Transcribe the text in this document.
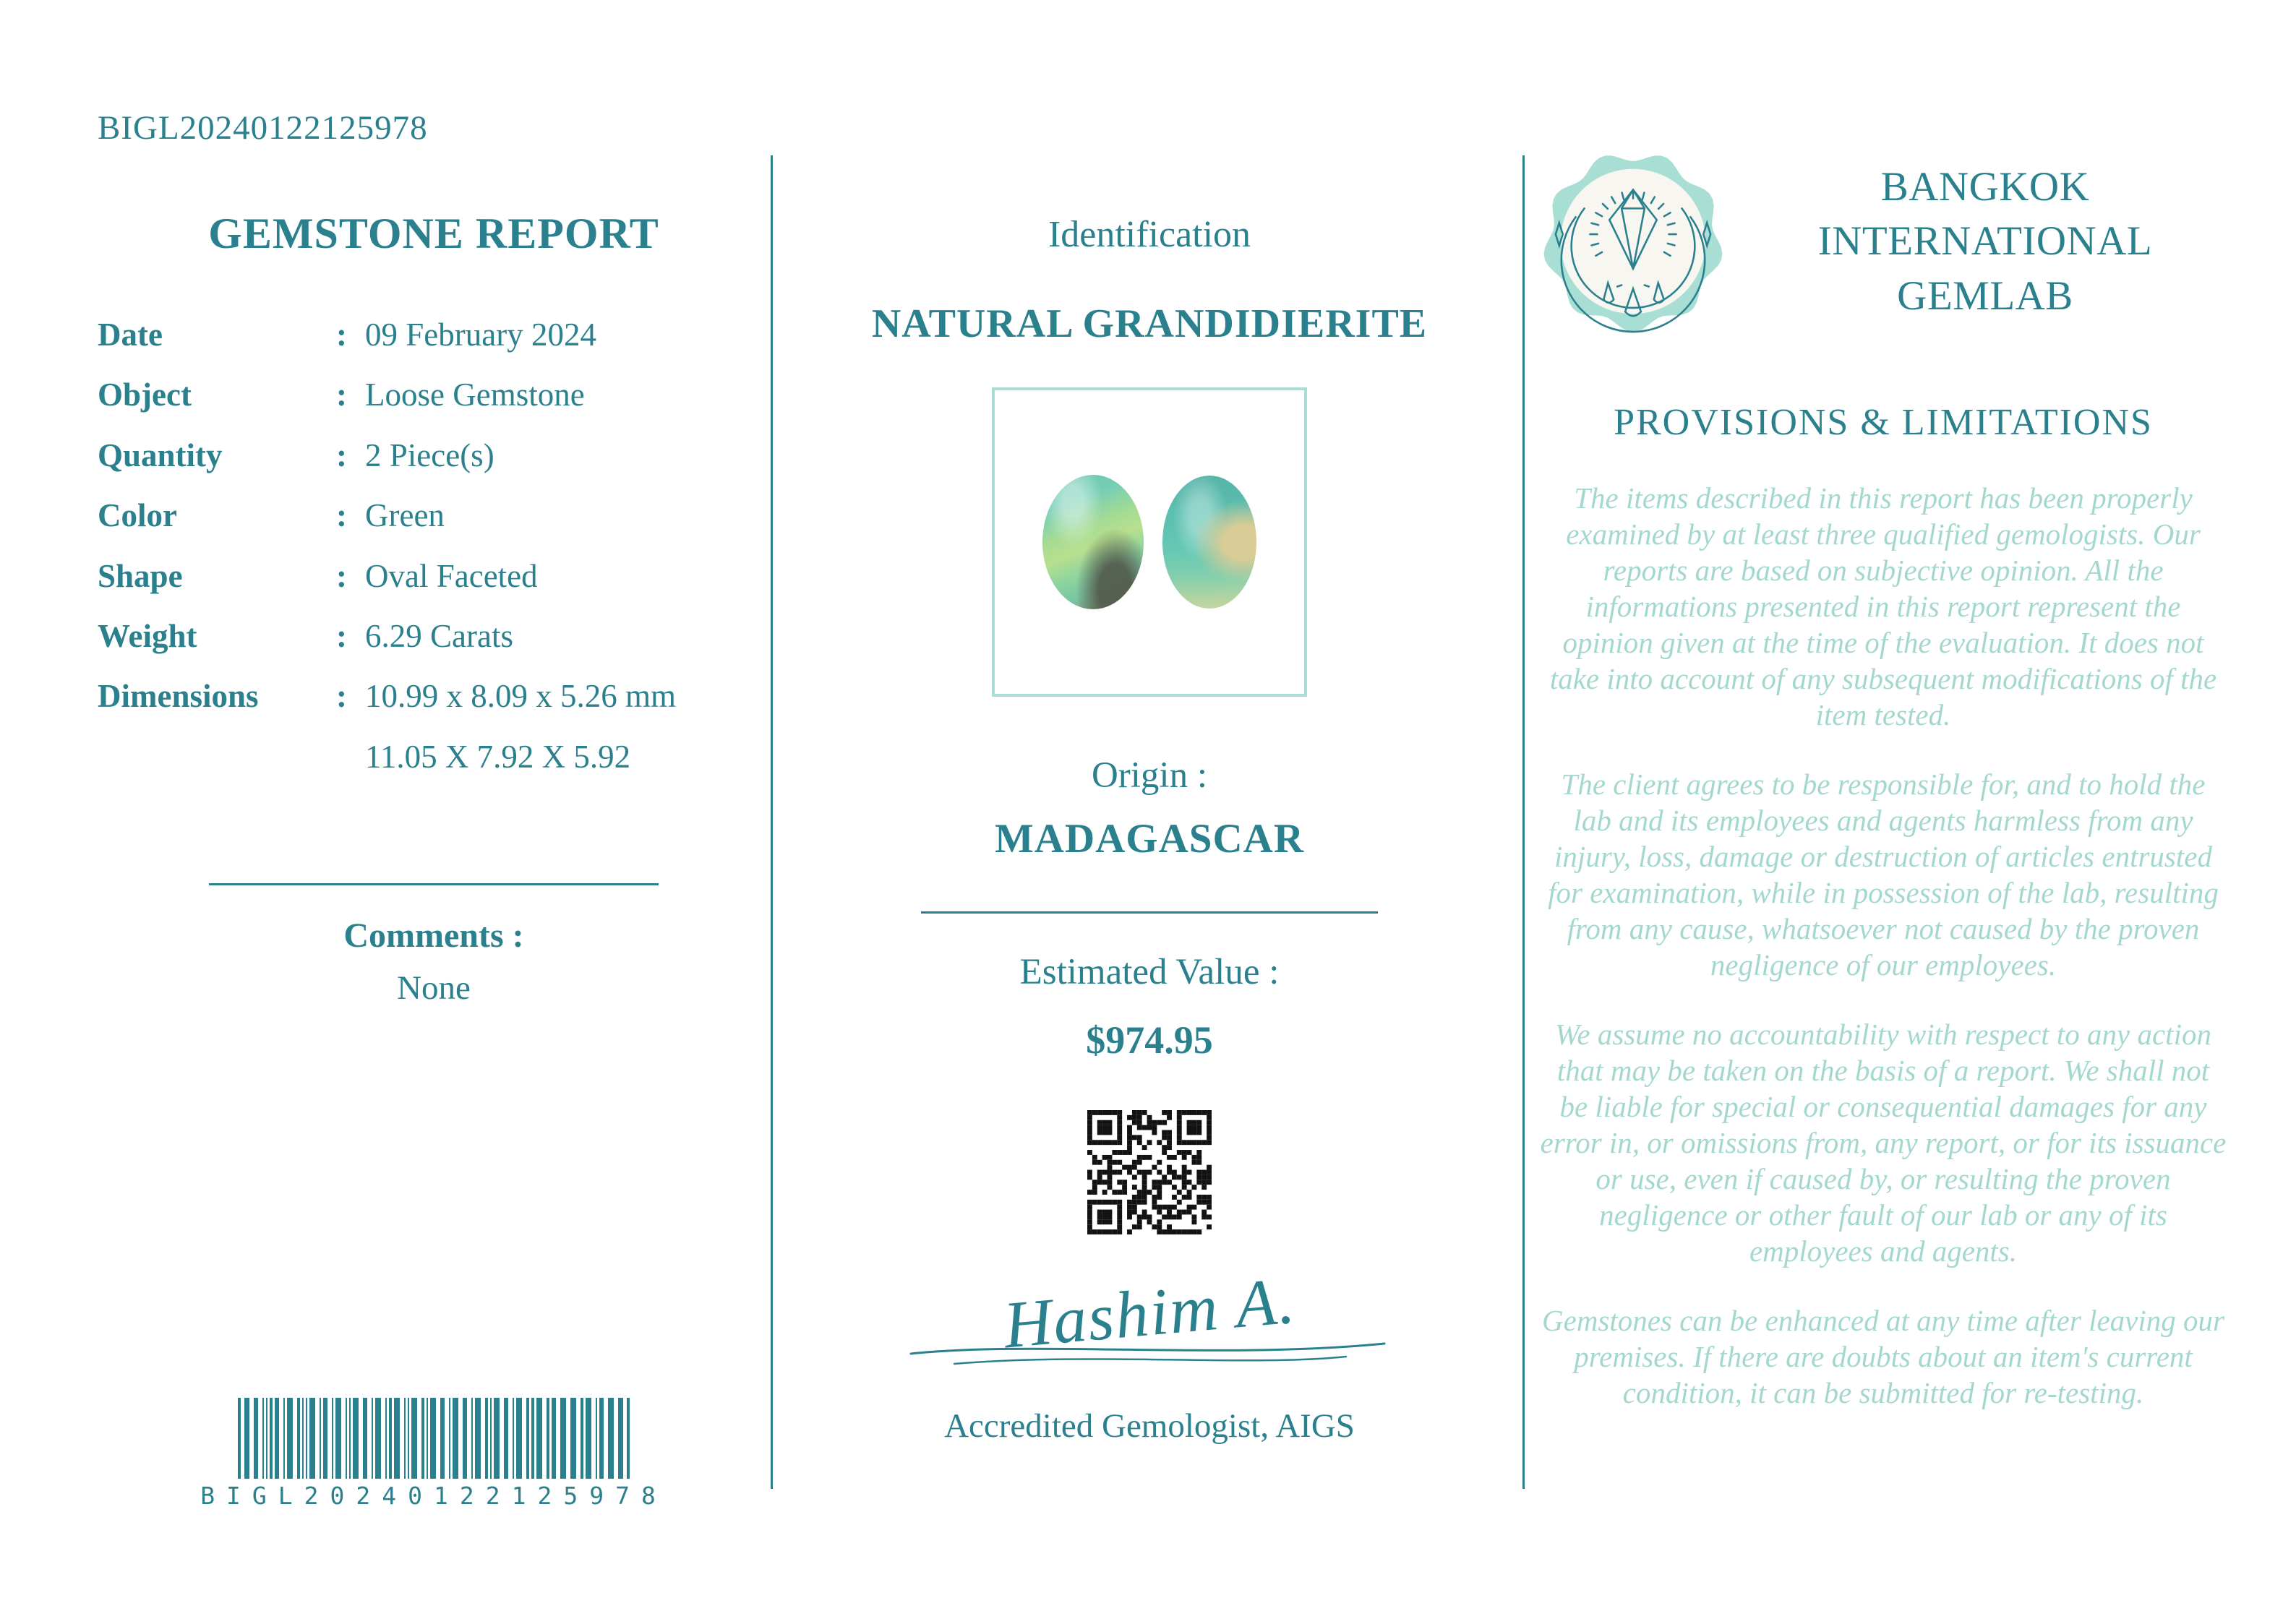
BIGL20240122125978
GEMSTONE REPORT
Date	: 09 February 2024
Object	: Loose Gemstone
Quantity	: 2 Piece(s)
Color	: Green
Shape	: Oval Faceted
Weight	: 6.29 Carats
Dimensions	: 10.99 x 8.09 x 5.26 mm
11.05 X 7.92 X 5.92
Comments :
None
BIGL20240122125978
Identification
NATURAL GRANDIDIERITE
Origin :
MADAGASCAR
Estimated Value :
$974.95
Hashim A.
Accredited Gemologist, AIGS
BANGKOK
INTERNATIONAL
GEMLAB
PROVISIONS & LIMITATIONS

The items described in this report has been properly examined by at least three qualified gemologists. Our reports are based on subjective opinion. All the informations presented in this report represent the opinion given at the time of the evaluation. It does not take into account of any subsequent modifications of the item tested.

The client agrees to be responsible for, and to hold the lab and its employees and agents harmless from any injury, loss, damage or destruction of articles entrusted for examination, while in possession of the lab, resulting from any cause, whatsoever not caused by the proven negligence of our employees.

We assume no accountability with respect to any action that may be taken on the basis of a report. We shall not be liable for special or consequential damages for any error in, or omissions from, any report, or for its issuance or use, even if caused by, or resulting the proven negligence or other fault of our lab or any of its employees and agents.

Gemstones can be enhanced at any time after leaving our premises. If there are doubts about an item's current condition, it can be submitted for re-testing.
